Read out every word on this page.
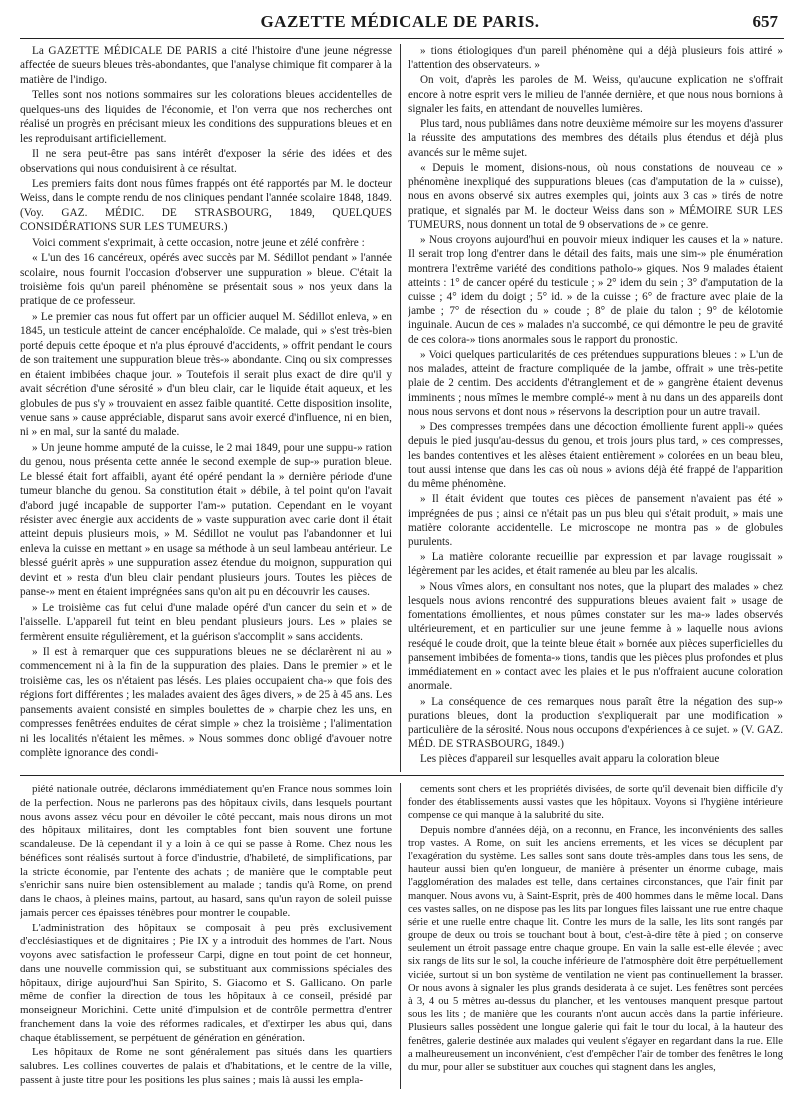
GAZETTE MÉDICALE DE PARIS.	657

La GAZETTE MÉDICALE DE PARIS a cité l'histoire d'une jeune négresse affectée de sueurs bleues très-abondantes, que l'analyse chimique fit comparer à la matière de l'indigo.

Telles sont nos notions sommaires sur les colorations bleues accidentelles de quelques-uns des liquides de l'économie, et l'on verra que nos recherches ont réalisé un progrès en précisant mieux les conditions des suppurations bleues et en les reproduisant artificiellement.

Il ne sera peut-être pas sans intérêt d'exposer la série des idées et des observations qui nous conduisirent à ce résultat.

Les premiers faits dont nous fûmes frappés ont été rapportés par M. le docteur Weiss, dans le compte rendu de nos cliniques pendant l'année scolaire 1848, 1849. (Voy. GAZ. MÉDIC. DE STRASBOURG, 1849, QUELQUES CONSIDÉRATIONS SUR LES TUMEURS.)

Voici comment s'exprimait, à cette occasion, notre jeune et zélé confrère :

« L'un des 16 cancéreux, opérés avec succès par M. Sédillot pendant » l'année scolaire, nous fournit l'occasion d'observer une suppuration » bleue. C'était la troisième fois qu'un pareil phénomène se présentait sous » nos yeux dans la pratique de ce professeur.

» Le premier cas nous fut offert par un officier auquel M. Sédillot enleva, » en 1845, un testicule atteint de cancer encéphaloïde. Ce malade, qui » s'est très-bien porté depuis cette époque et n'a plus éprouvé d'accidents, » offrit pendant le cours de son traitement une suppuration bleue très-» abondante. Cinq ou six compresses en étaient imbibées chaque jour. » Toutefois il serait plus exact de dire qu'il y avait sécrétion d'une sérosité » d'un bleu clair, car le liquide était aqueux, et les globules de pus s'y » trouvaient en assez faible quantité. Cette disposition insolite, venue sans » cause appréciable, disparut sans avoir exercé d'influence, ni en bien, ni » en mal, sur la santé du malade.

» Un jeune homme amputé de la cuisse, le 2 mai 1849, pour une suppu-» ration du genou, nous présenta cette année le second exemple de sup-» puration bleue. Le blessé était fort affaibli, ayant été opéré pendant la » dernière période d'une tumeur blanche du genou. Sa constitution était » débile, à tel point qu'on l'avait d'abord jugé incapable de supporter l'am-» putation. Cependant en le voyant résister avec énergie aux accidents de » vaste suppuration avec carie dont il était atteint depuis plusieurs mois, » M. Sédillot ne voulut pas l'abandonner et lui enleva la cuisse en mettant » en usage sa méthode à un seul lambeau antérieur. Le blessé guérit après » une suppuration assez étendue du moignon, suppuration qui devint et » resta d'un bleu clair pendant plusieurs jours. Toutes les pièces de panse-» ment en étaient imprégnées sans qu'on ait pu en découvrir les causes.

» Le troisième cas fut celui d'une malade opéré d'un cancer du sein et » de l'aisselle. L'appareil fut teint en bleu pendant plusieurs jours. Les » plaies se fermèrent ensuite régulièrement, et la guérison s'accomplit » sans accidents.

» Il est à remarquer que ces suppurations bleues ne se déclarèrent ni au » commencement ni à la fin de la suppuration des plaies. Dans le premier » et le troisième cas, les os n'étaient pas lésés. Les plaies occupaient cha-» que fois des régions fort différentes ; les malades avaient des âges divers, » de 25 à 45 ans. Les pansements avaient consisté en simples boulettes de » charpie chez les uns, en compresses fenêtrées enduites de cérat simple » chez la troisième ; l'alimentation ni les localités n'étaient les mêmes. » Nous sommes donc obligé d'avouer notre complète ignorance des condi-

» tions étiologiques d'un pareil phénomène qui a déjà plusieurs fois attiré » l'attention des observateurs. »

On voit, d'après les paroles de M. Weiss, qu'aucune explication ne s'offrait encore à notre esprit vers le milieu de l'année dernière, et que nous nous bornions à signaler les faits, en attendant de nouvelles lumières.

Plus tard, nous publiâmes dans notre deuxième mémoire sur les moyens d'assurer la réussite des amputations des membres des détails plus étendus et déjà plus avancés sur le même sujet.

« Depuis le moment, disions-nous, où nous constations de nouveau ce » phénomène inexpliqué des suppurations bleues (cas d'amputation de la » cuisse), nous en avons observé six autres exemples qui, joints aux 3 cas » tirés de notre pratique, et signalés par M. le docteur Weiss dans son » MÉMOIRE SUR LES TUMEURS, nous donnent un total de 9 observations de » ce genre.

» Nous croyons aujourd'hui en pouvoir mieux indiquer les causes et la » nature. Il serait trop long d'entrer dans le détail des faits, mais une sim-» ple énumération montrera l'extrême variété des conditions patholo-» giques. Nos 9 malades étaient atteints : 1° de cancer opéré du testicule ; » 2° idem du sein ; 3° d'amputation de la cuisse ; 4° idem du doigt ; 5° id. » de la cuisse ; 6° de fracture avec plaie de la jambe ; 7° de résection du » coude ; 8° de plaie du talon ; 9° de kélotomie inguinale. Aucun de ces » malades n'a succombé, ce qui démontre le peu de gravité de ces colora-» tions anormales sous le rapport du pronostic.

» Voici quelques particularités de ces prétendues suppurations bleues : » L'un de nos malades, atteint de fracture compliquée de la jambe, offrait » une très-petite plaie de 2 centim. Des accidents d'étranglement et de » gangrène étaient devenus imminents ; nous mîmes le membre complé-» ment à nu dans un des appareils dont nous nous servons et dont nous » réservons la description pour un autre travail.

» Des compresses trempées dans une décoction émolliente furent appli-» quées depuis le pied jusqu'au-dessus du genou, et trois jours plus tard, » ces compresses, les bandes contentives et les alèses étaient entièrement » colorées en un beau bleu, tout aussi intense que dans les cas où nous » avions déjà été frappé de l'apparition du même phénomène.

» Il était évident que toutes ces pièces de pansement n'avaient pas été » imprégnées de pus ; ainsi ce n'était pas un pus bleu qui s'était produit, » mais une matière colorante accidentelle. Le microscope ne montra pas » de globules purulents.

» La matière colorante recueillie par expression et par lavage rougissait » légèrement par les acides, et était ramenée au bleu par les alcalis.

» Nous vîmes alors, en consultant nos notes, que la plupart des malades » chez lesquels nous avions rencontré des suppurations bleues avaient fait » usage de fomentations émollientes, et nous pûmes constater sur les ma-» lades observés ultérieurement, et en particulier sur une jeune femme à » laquelle nous avions reséqué le coude droit, que la teinte bleue était » bornée aux pièces superficielles du pansement imbibées de fomenta-» tions, tandis que les pièces plus profondes et plus immédiatement en » contact avec les plaies et le pus n'offraient aucune coloration anormale.

» La conséquence de ces remarques nous paraît être la négation des sup-» purations bleues, dont la production s'expliquerait par une modification » particulière de la sérosité. Nous nous occupons d'expériences à ce sujet. » (V. GAZ. MÉD. DE STRASBOURG, 1849.)

Les pièces d'appareil sur lesquelles avait apparu la coloration bleue

piété nationale outrée, déclarons immédiatement qu'en France nous sommes loin de la perfection. Nous ne parlerons pas des hôpitaux civils, dans lesquels pourtant nous avons assez vécu pour en dévoiler le côté peccant, mais nous dirons un mot des hôpitaux militaires, dont les comptables font bien souvent une fortune scandaleuse. De là cependant il y a loin à ce qui se passe à Rome. Chez nous les bénéfices sont réalisés surtout à force d'industrie, d'habileté, de simplifications, par la stricte économie, par l'entente des achats ; de manière que le comptable peut s'enrichir sans nuire bien ostensiblement au malade ; tandis qu'à Rome, on prend dans le chaos, à pleines mains, partout, au hasard, sans qu'un rayon de soleil puisse jamais percer ces épaisses ténèbres pour montrer le coupable.

L'administration des hôpitaux se composait à peu près exclusivement d'ecclésiastiques et de dignitaires ; Pie IX y a introduit des hommes de l'art. Nous voyons avec satisfaction le professeur Carpi, digne en tout point de cet honneur, dans une nouvelle commission qui, se substituant aux commissions spéciales des hôpitaux, dirige aujourd'hui San Spirito, S. Giacomo et S. Gallicano. On parle même de confier la direction de tous les hôpitaux à ce conseil, présidé par monseigneur Morichini. Cette unité d'impulsion et de contrôle permettra d'entrer franchement dans la voie des réformes radicales, et d'extirper les abus qui, dans chaque établissement, se perpétuent de génération en génération.

Les hôpitaux de Rome ne sont généralement pas situés dans les quartiers salubres. Les collines couvertes de palais et d'habitations, et le centre de la ville, passent à juste titre pour les positions les plus saines ; mais là aussi les empla-

cements sont chers et les propriétés divisées, de sorte qu'il devenait bien difficile d'y fonder des établissements aussi vastes que les hôpitaux. Voyons si l'hygiène intérieure compense ce qui manque à la salubrité du site.

Depuis nombre d'années déjà, on a reconnu, en France, les inconvénients des salles trop vastes. A Rome, on suit les anciens errements, et les vices se décuplent par l'exagération du système. Les salles sont sans doute très-amples dans tous les sens, de hauteur aussi bien qu'en longueur, de manière à présenter un énorme cubage, mais l'agglomération des malades est telle, dans certaines circonstances, que l'air finit par manquer. Nous avons vu, à Saint-Esprit, près de 400 hommes dans le même local. Dans ces vastes salles, on ne dispose pas les lits par longues files laissant une rue entre chaque série et une ruelle entre chaque lit. Contre les murs de la salle, les lits sont rangés par groupe de deux ou trois se touchant bout à bout, c'est-à-dire tête à pied ; on conserve seulement un étroit passage entre chaque groupe. En vain la salle est-elle élevée ; avec six rangs de lits sur le sol, la couche inférieure de l'atmosphère doit être perpétuellement viciée, surtout si un bon système de ventilation ne vient pas continuellement la brasser. Or nous avons à signaler les plus grands desiderata à ce sujet. Les fenêtres sont percées à 3, 4 ou 5 mètres au-dessus du plancher, et les ventouses manquent presque partout sous les lits ; de manière que les courants n'ont aucun accès dans la partie inférieure. Plusieurs salles possèdent une longue galerie qui fait le tour du local, à la hauteur des fenêtres, galerie destinée aux malades qui veulent s'égayer en regardant dans la rue. Elle a malheureusement un inconvénient, c'est d'empêcher l'air de tomber des fenêtres le long du mur, pour aller se substituer aux couches qui stagnent dans les angles,
